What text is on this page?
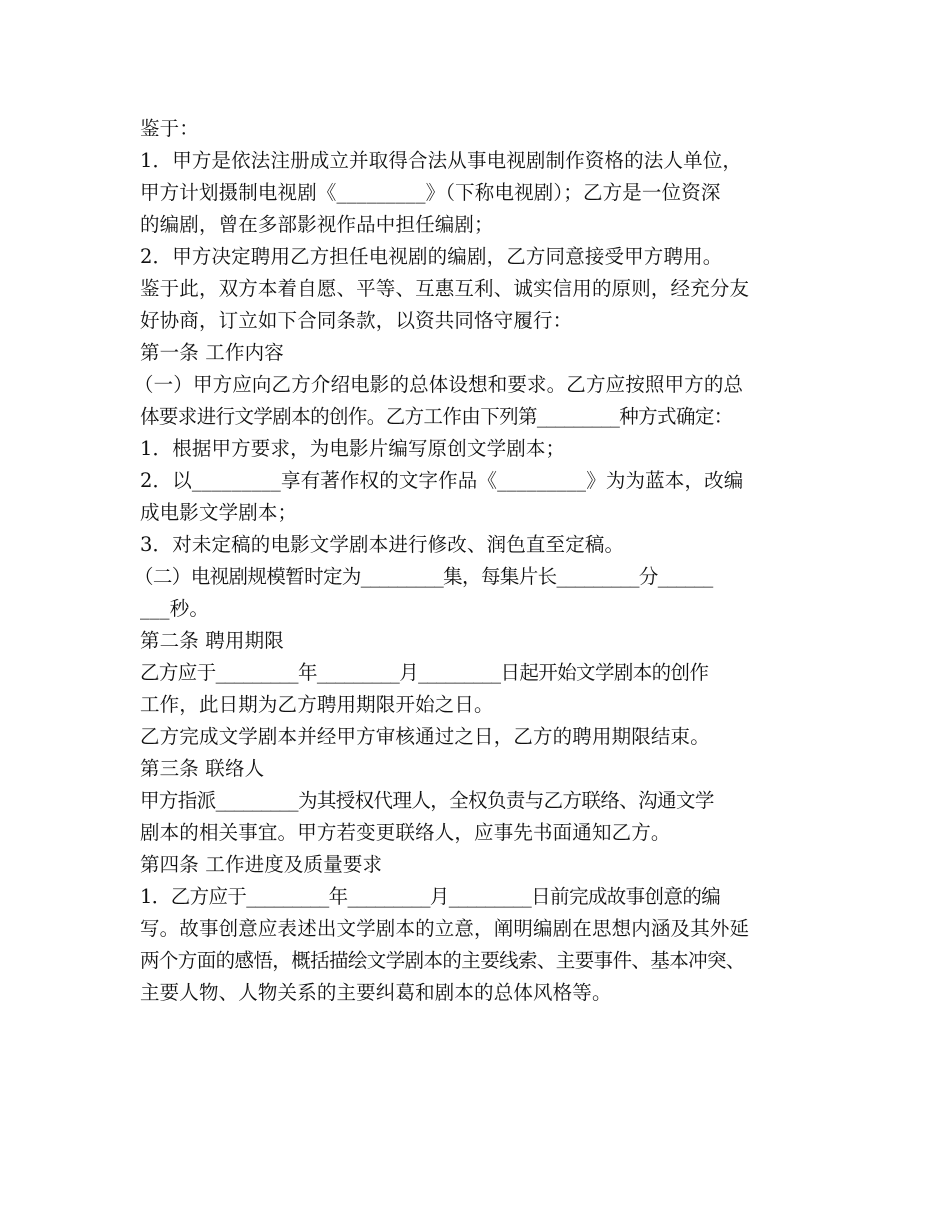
鉴于：
1．甲方是依法注册成立并取得合法从事电视剧制作资格的法人单位，
甲方计划摄制电视剧《_________》（下称电视剧）；乙方是一位资深
的编剧，曾在多部影视作品中担任编剧；
2．甲方决定聘用乙方担任电视剧的编剧，乙方同意接受甲方聘用。
鉴于此，双方本着自愿、平等、互惠互利、诚实信用的原则，经充分友
好协商，订立如下合同条款，以资共同恪守履行：
第一条 工作内容
（一）甲方应向乙方介绍电影的总体设想和要求。乙方应按照甲方的总
体要求进行文学剧本的创作。乙方工作由下列第_________种方式确定：
1．根据甲方要求，为电影片编写原创文学剧本；
2．以_________享有著作权的文字作品《_________》为为蓝本，改编
成电影文学剧本；
3．对未定稿的电影文学剧本进行修改、润色直至定稿。
（二）电视剧规模暂时定为_________集，每集片长_________分______
___秒。
第二条 聘用期限
乙方应于_________年_________月_________日起开始文学剧本的创作
工作，此日期为乙方聘用期限开始之日。
乙方完成文学剧本并经甲方审核通过之日，乙方的聘用期限结束。
第三条 联络人
甲方指派_________为其授权代理人，全权负责与乙方联络、沟通文学
剧本的相关事宜。甲方若变更联络人，应事先书面通知乙方。
第四条 工作进度及质量要求
1．乙方应于_________年_________月_________日前完成故事创意的编
写。故事创意应表述出文学剧本的立意，阐明编剧在思想内涵及其外延
两个方面的感悟，概括描绘文学剧本的主要线索、主要事件、基本冲突、
主要人物、人物关系的主要纠葛和剧本的总体风格等。
